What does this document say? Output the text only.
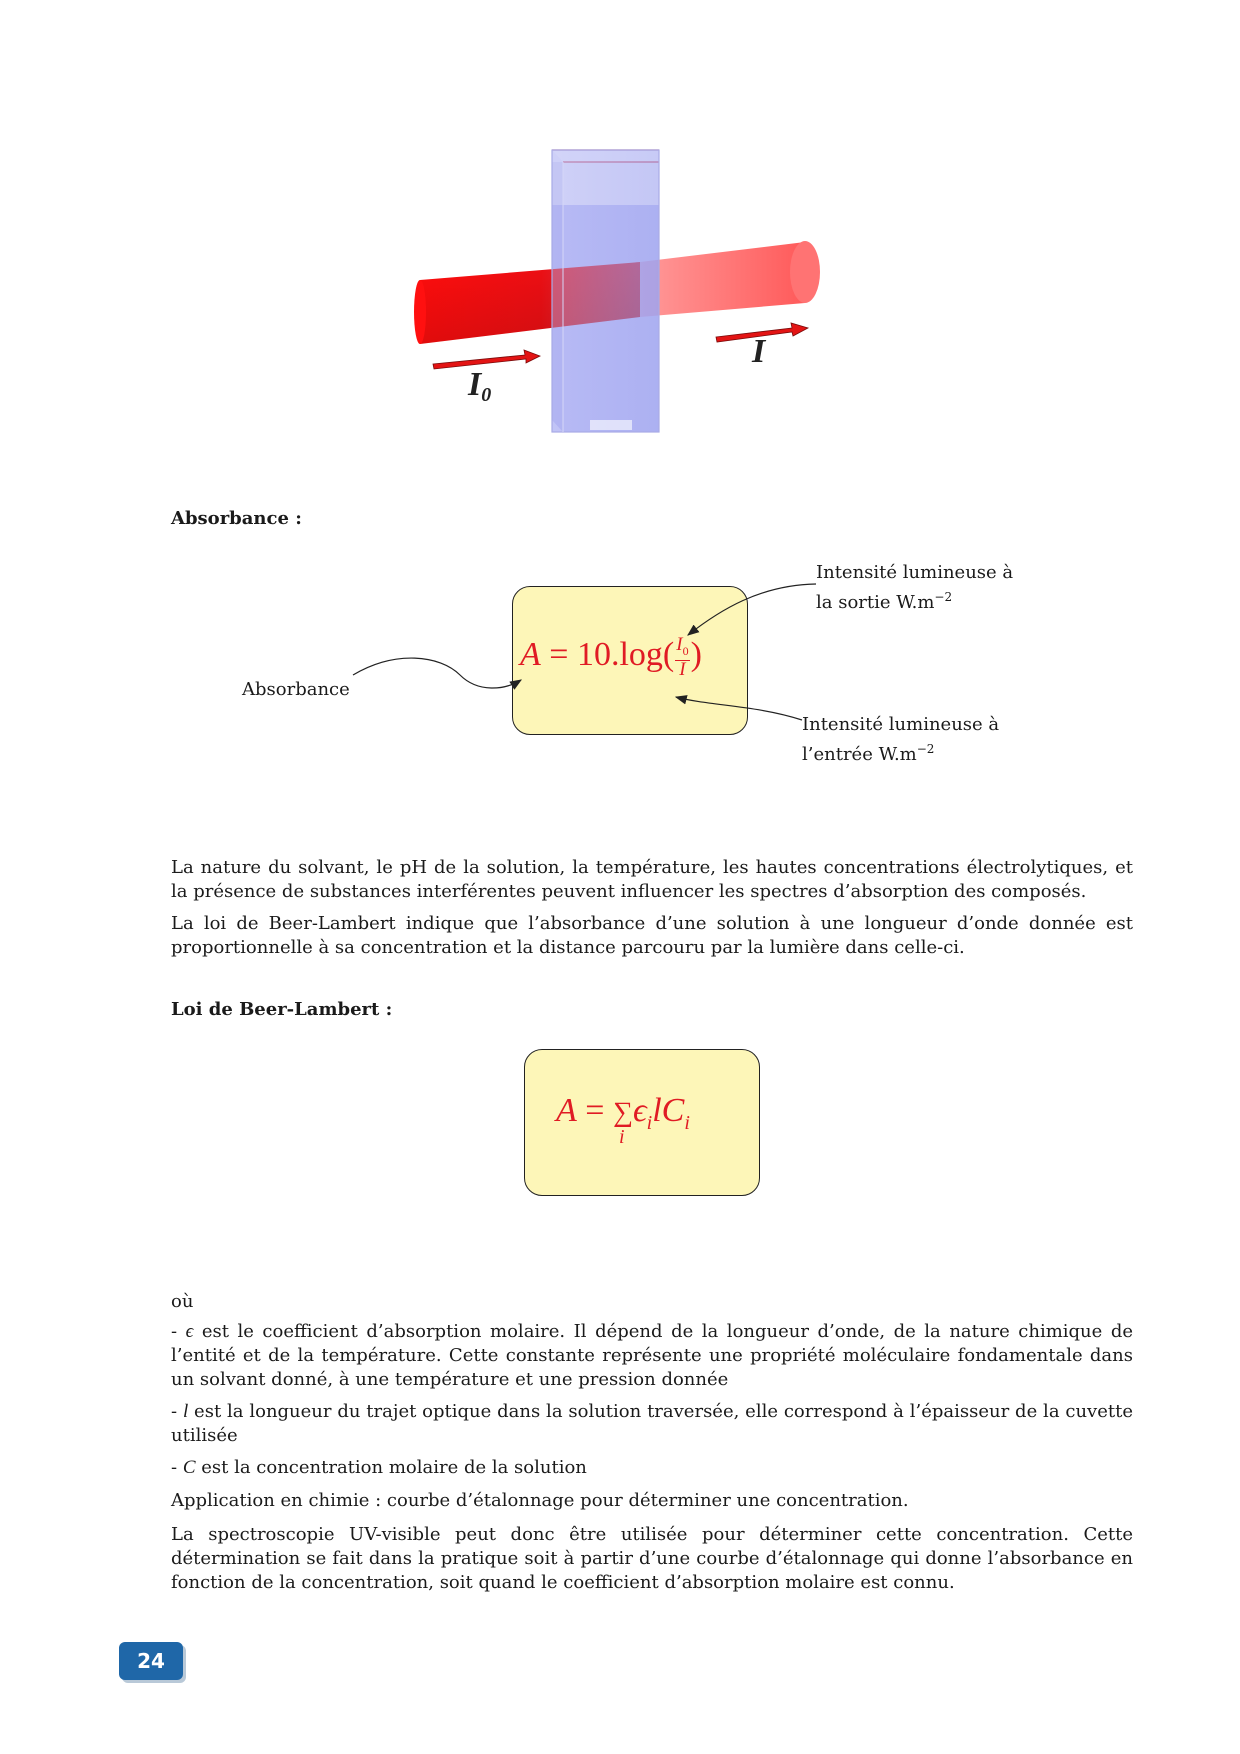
I0
I
Absorbance :
$A = 10.\log( \frac{I_0}{I}$ )
Absorbance
Intensité lumineuse à
la sortie $W.m^{-2}$
Intensité lumineuse à
l’entrée $W.m^{-2}$
La nature du solvant, le pH de la solution, la température, les hautes concentrations électrolytiques, et la présence de substances interférentes peuvent influencer les spectres d’absorption des composés.
La loi de Beer-Lambert indique que l’absorbance d’une solution à une longueur d’onde donnée est proportionnelle à sa concentration et la distance parcouru par la lumière dans celle-ci.
Loi de Beer-Lambert :
A = ∑
i
$\epsilon_ilC_i$
où
- ϵ est le coefficient d’absorption molaire. Il dépend de la longueur d’onde, de la nature chimique de l’entité et de la température. Cette constante représente une propriété moléculaire fondamentale dans un solvant donné, à une température et une pression donnée
- l est la longueur du trajet optique dans la solution traversée, elle correspond à l’épaisseur de la cuvette utilisée
- C est la concentration molaire de la solution
Application en chimie : courbe d’étalonnage pour déterminer une concentration.
La spectroscopie UV-visible peut donc être utilisée pour déterminer cette concentration. Cette détermination se fait dans la pratique soit à partir d’une courbe d’étalonnage qui donne l’absorbance en fonction de la concentration, soit quand le coefficient d’absorption molaire est connu.
24
